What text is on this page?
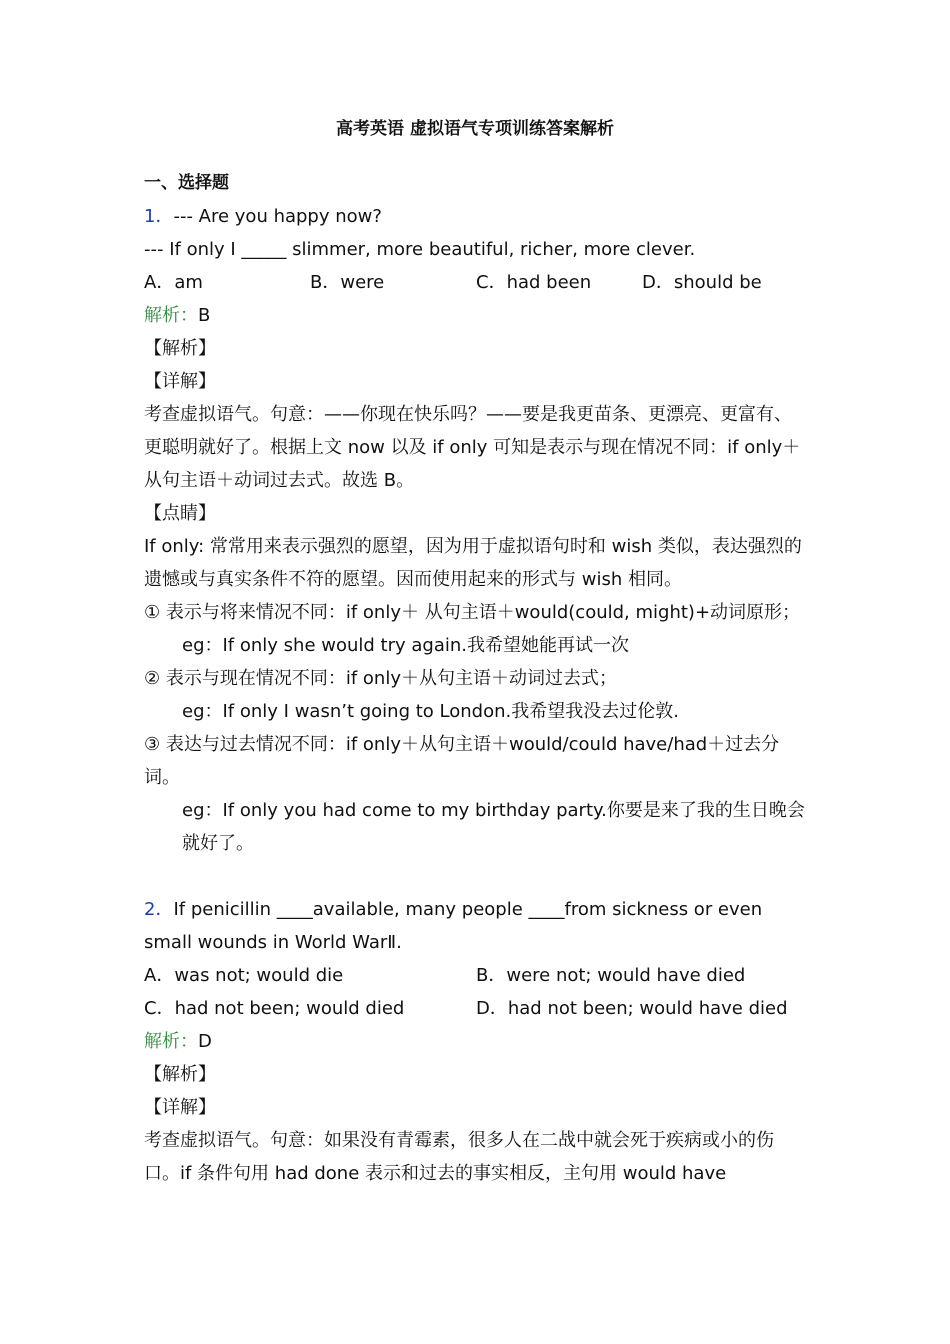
高考英语 虚拟语气专项训练答案解析
一、选择题
1．--- Are you happy now?
--- If only I _____ slimmer, more beautiful, richer, more clever.
A．am	B．were	C．had been	D．should be
解析：B
【解析】
【详解】
考查虚拟语气。句意：——你现在快乐吗？——要是我更苗条、更漂亮、更富有、更聪明就好了。根据上文 now 以及 if only 可知是表示与现在情况不同：if only＋从句主语＋动词过去式。故选 B。
【点睛】
If only: 常常用来表示强烈的愿望，因为用于虚拟语句时和 wish 类似，表达强烈的遗憾或与真实条件不符的愿望。因而使用起来的形式与 wish 相同。
① 表示与将来情况不同：if only＋ 从句主语＋would(could, might)+动词原形；
eg：If only she would try again.我希望她能再试一次
② 表示与现在情况不同：if only＋从句主语＋动词过去式；
eg：If only I wasn’t going to London.我希望我没去过伦敦.
③ 表达与过去情况不同：if only＋从句主语＋would/could have/had＋过去分词。
eg：If only you had come to my birthday party.你要是来了我的生日晚会就好了。
2．If penicillin ____available, many people ____from sickness or even small wounds in World WarⅡ.
A．was not; would die	B．were not; would have died
C．had not been; would died	D．had not been; would have died
解析：D
【解析】
【详解】
考查虚拟语气。句意：如果没有青霉素，很多人在二战中就会死于疾病或小的伤口。if 条件句用 had done 表示和过去的事实相反，主句用 would have
